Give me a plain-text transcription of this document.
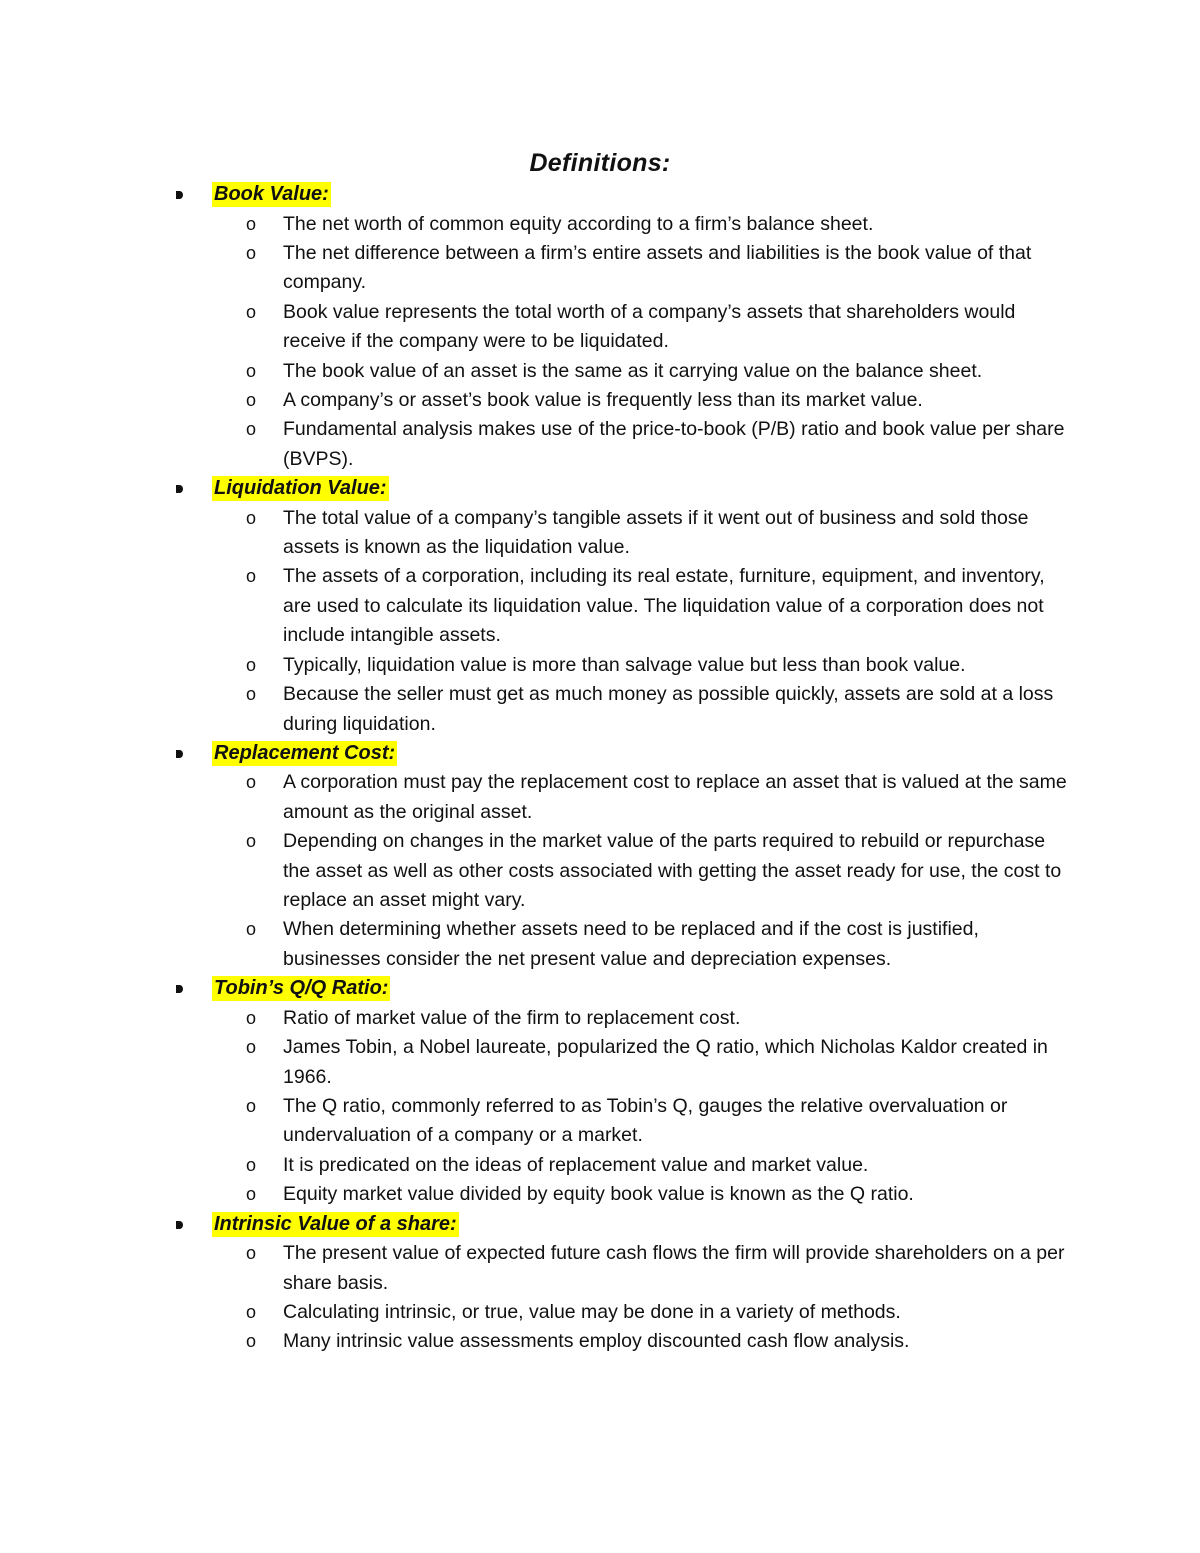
Definitions:
Book Value:
o The net worth of common equity according to a firm’s balance sheet.
o The net difference between a firm’s entire assets and liabilities is the book value of that company.
o Book value represents the total worth of a company’s assets that shareholders would receive if the company were to be liquidated.
o The book value of an asset is the same as it carrying value on the balance sheet.
o A company’s or asset’s book value is frequently less than its market value.
o Fundamental analysis makes use of the price-to-book (P/B) ratio and book value per share (BVPS).
Liquidation Value:
o The total value of a company’s tangible assets if it went out of business and sold those assets is known as the liquidation value.
o The assets of a corporation, including its real estate, furniture, equipment, and inventory, are used to calculate its liquidation value. The liquidation value of a corporation does not include intangible assets.
o Typically, liquidation value is more than salvage value but less than book value.
o Because the seller must get as much money as possible quickly, assets are sold at a loss during liquidation.
Replacement Cost:
o A corporation must pay the replacement cost to replace an asset that is valued at the same amount as the original asset.
o Depending on changes in the market value of the parts required to rebuild or repurchase the asset as well as other costs associated with getting the asset ready for use, the cost to replace an asset might vary.
o When determining whether assets need to be replaced and if the cost is justified, businesses consider the net present value and depreciation expenses.
Tobin’s Q/Q Ratio:
o Ratio of market value of the firm to replacement cost.
o James Tobin, a Nobel laureate, popularized the Q ratio, which Nicholas Kaldor created in 1966.
o The Q ratio, commonly referred to as Tobin’s Q, gauges the relative overvaluation or undervaluation of a company or a market.
o It is predicated on the ideas of replacement value and market value.
o Equity market value divided by equity book value is known as the Q ratio.
Intrinsic Value of a share:
o The present value of expected future cash flows the firm will provide shareholders on a per share basis.
o Calculating intrinsic, or true, value may be done in a variety of methods.
o Many intrinsic value assessments employ discounted cash flow analysis.
